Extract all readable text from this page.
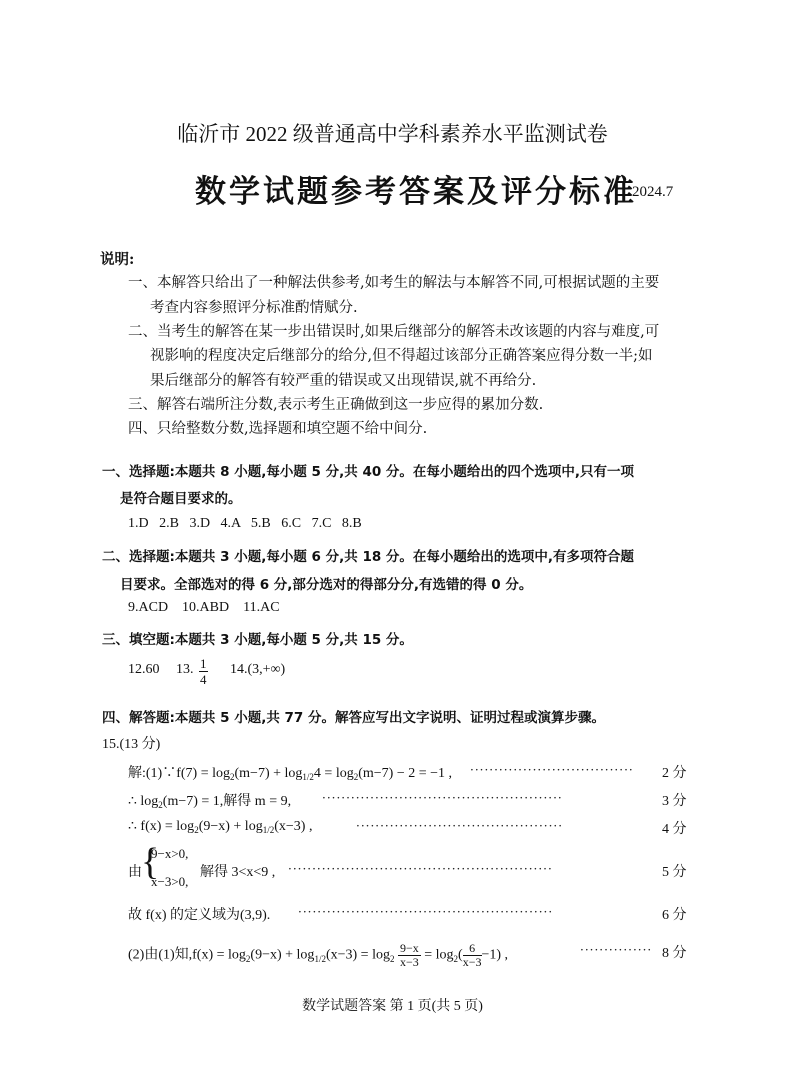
临沂市 2022 级普通高中学科素养水平监测试卷
数学试题参考答案及评分标准
2024.7
说明:
一、本解答只给出了一种解法供参考,如考生的解法与本解答不同,可根据试题的主要
考查内容参照评分标准酌情赋分.
二、当考生的解答在某一步出错误时,如果后继部分的解答未改该题的内容与难度,可
视影响的程度决定后继部分的给分,但不得超过该部分正确答案应得分数一半;如
果后继部分的解答有较严重的错误或又出现错误,就不再给分.
三、解答右端所注分数,表示考生正确做到这一步应得的累加分数.
四、只给整数分数,选择题和填空题不给中间分.
一、选择题:本题共 8 小题,每小题 5 分,共 40 分。在每小题给出的四个选项中,只有一项
是符合题目要求的。
1.D   2.B   3.D   4.A   5.B   6.C   7.C   8.B
二、选择题:本题共 3 小题,每小题 6 分,共 18 分。在每小题给出的选项中,有多项符合题
目要求。全部选对的得 6 分,部分选对的得部分分,有选错的得 0 分。
9.ACD    10.ABD    11.AC
三、填空题:本题共 3 小题,每小题 5 分,共 15 分。
12.60 13. $\frac{1}{4} 14.(3,+\infty)$
四、解答题:本题共 5 小题,共 77 分。解答应写出文字说明、证明过程或演算步骤。
15.(13 分)
解:(1)∵f(7) = $\log_2(m-7) + \log_{1/2}4 = \log_2(m-7) - 2 = -1$ , ·································· 2 分
∴ $\log_2(m-7) = 1$,解得 m = 9,	··················································	3 分
∴ $f(x) = \log_2(9-x) + \log_{1/2}(x-3)$ ,	···········································	4 分
由 {
9−x>0,
x−3>0,
解得 3<x<9 , ·······················································	5 分
故 f(x) 的定义域为(3,9). ·····················································	6 分
(2)由(1)知$,f(x) = \log_2(9-x) + \log_{1/2}(x-3) = \log_2 \frac{9-x}{x-3} = \log_2( \frac{6}{x-3} -1)$ ,	··············· 8 分
数学试题答案 第 1 页(共 5 页)
